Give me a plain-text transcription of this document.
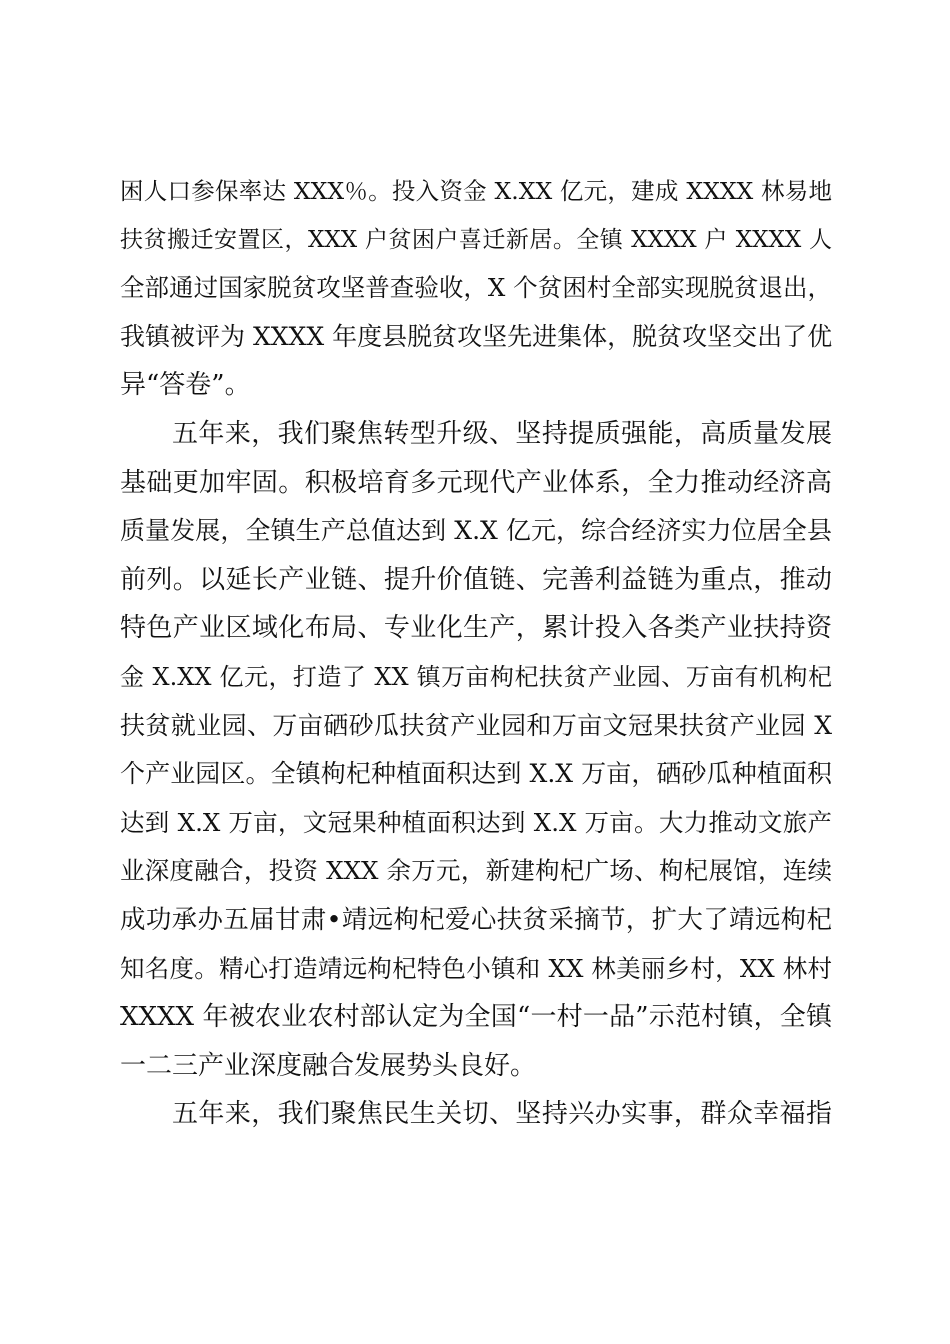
困人口参保率达 XXX％。投入资金 X.XX 亿元，建成 XXXX 林易地
扶贫搬迁安置区，XXX 户贫困户喜迁新居。全镇 XXXX 户 XXXX 人
全部通过国家脱贫攻坚普查验收，X 个贫困村全部实现脱贫退出，
我镇被评为 XXXX 年度县脱贫攻坚先进集体，脱贫攻坚交出了优
异“答卷”。
五年来，我们聚焦转型升级、坚持提质强能，高质量发展
基础更加牢固。积极培育多元现代产业体系，全力推动经济高
质量发展，全镇生产总值达到 X.X 亿元，综合经济实力位居全县
前列。以延长产业链、提升价值链、完善利益链为重点，推动
特色产业区域化布局、专业化生产，累计投入各类产业扶持资
金 X.XX 亿元，打造了 XX 镇万亩枸杞扶贫产业园、万亩有机枸杞
扶贫就业园、万亩硒砂瓜扶贫产业园和万亩文冠果扶贫产业园 X
个产业园区。全镇枸杞种植面积达到 X.X 万亩，硒砂瓜种植面积
达到 X.X 万亩，文冠果种植面积达到 X.X 万亩。大力推动文旅产
业深度融合，投资 XXX 余万元，新建枸杞广场、枸杞展馆，连续
成功承办五届甘肃•靖远枸杞爱心扶贫采摘节，扩大了靖远枸杞
知名度。精心打造靖远枸杞特色小镇和 XX 林美丽乡村，XX 林村
XXXX 年被农业农村部认定为全国“一村一品”示范村镇，全镇
一二三产业深度融合发展势头良好。
五年来，我们聚焦民生关切、坚持兴办实事，群众幸福指
